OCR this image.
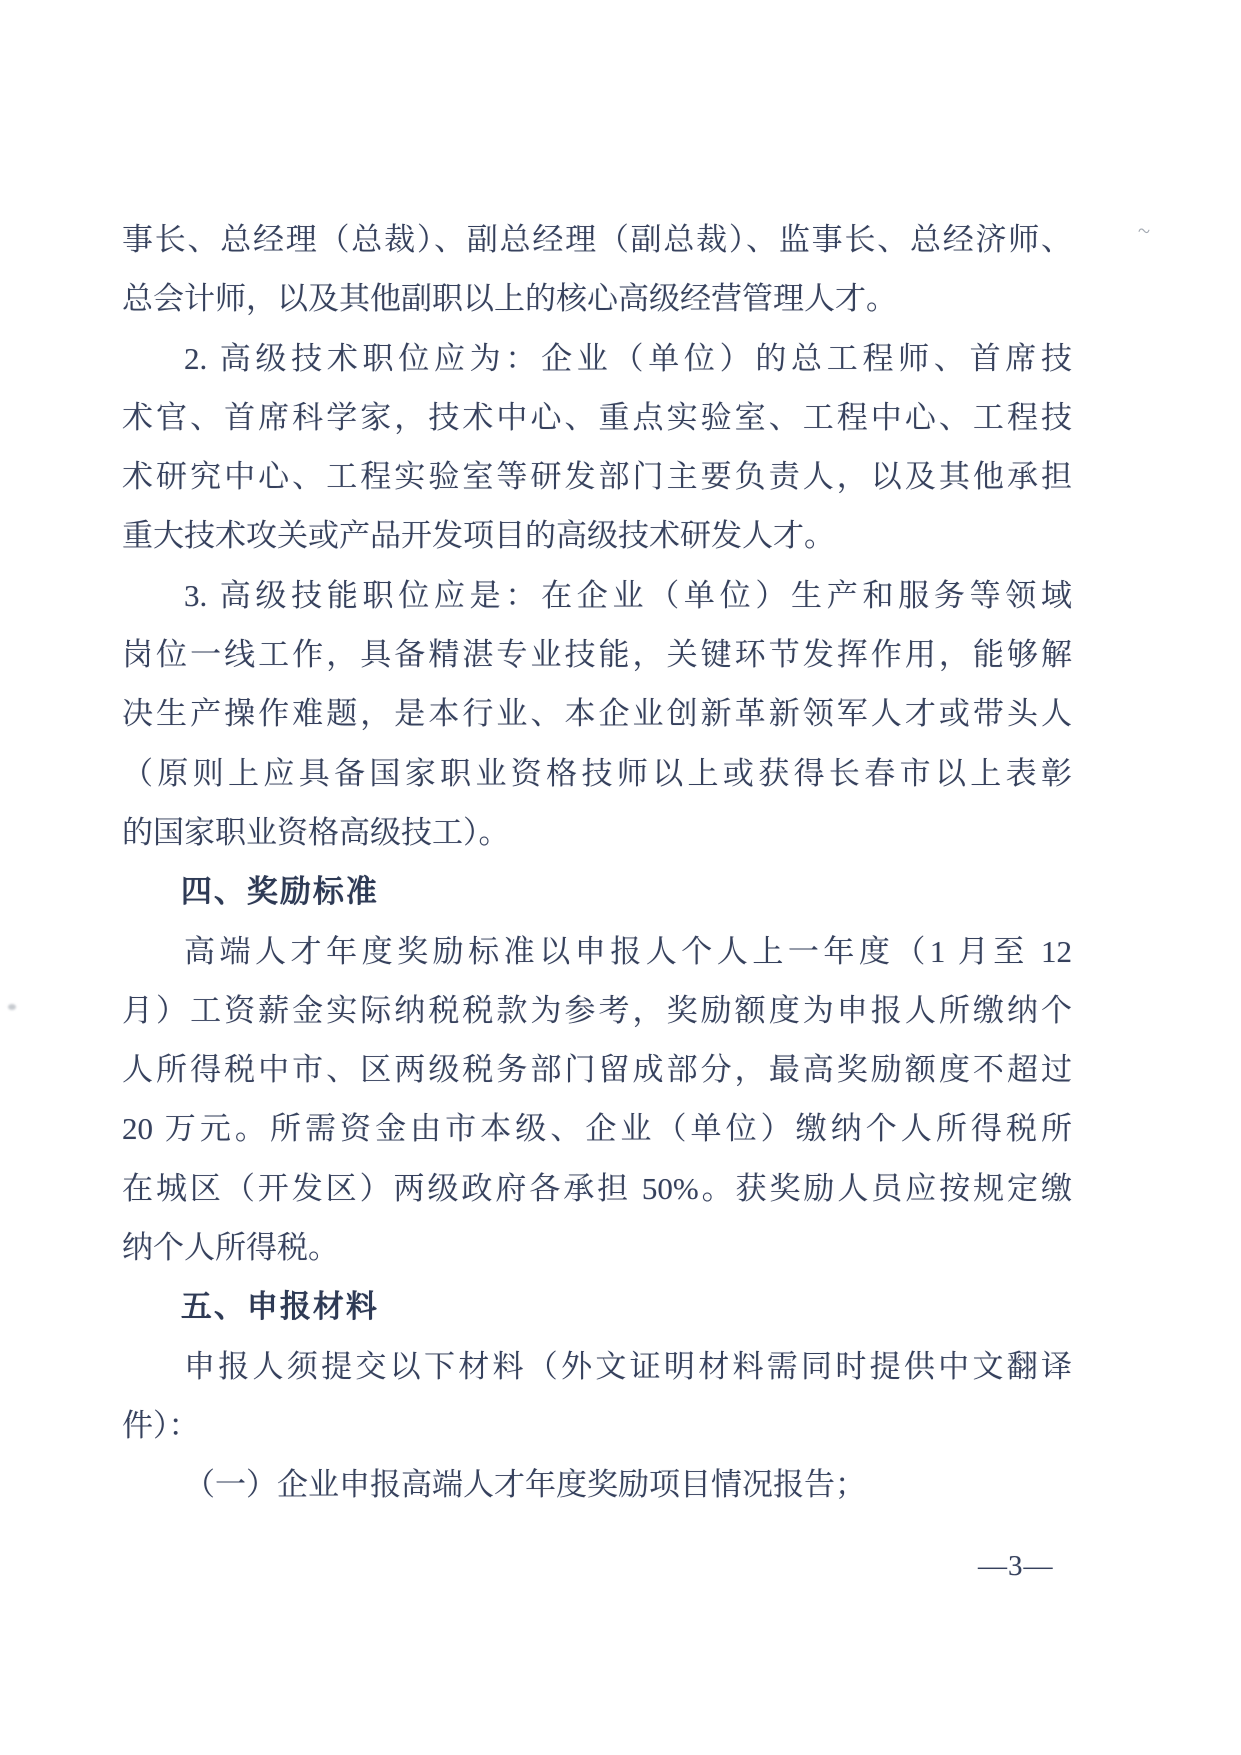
事长、总经理（总裁）、副总经理（副总裁）、监事长、总经济师、
总会计师，以及其他副职以上的核心高级经营管理人才。
2. 高级技术职位应为：企业（单位）的总工程师、首席技
术官、首席科学家，技术中心、重点实验室、工程中心、工程技
术研究中心、工程实验室等研发部门主要负责人，以及其他承担
重大技术攻关或产品开发项目的高级技术研发人才。
3. 高级技能职位应是：在企业（单位）生产和服务等领域
岗位一线工作，具备精湛专业技能，关键环节发挥作用，能够解
决生产操作难题，是本行业、本企业创新革新领军人才或带头人
（原则上应具备国家职业资格技师以上或获得长春市以上表彰
的国家职业资格高级技工）。
四、奖励标准
高端人才年度奖励标准以申报人个人上一年度（1 月至 12
月）工资薪金实际纳税税款为参考，奖励额度为申报人所缴纳个
人所得税中市、区两级税务部门留成部分，最高奖励额度不超过
20 万元。所需资金由市本级、企业（单位）缴纳个人所得税所
在城区（开发区）两级政府各承担 50%。获奖励人员应按规定缴
纳个人所得税。
五、申报材料
申报人须提交以下材料（外文证明材料需同时提供中文翻译
件）：
（一）企业申报高端人才年度奖励项目情况报告；
—3—
~
